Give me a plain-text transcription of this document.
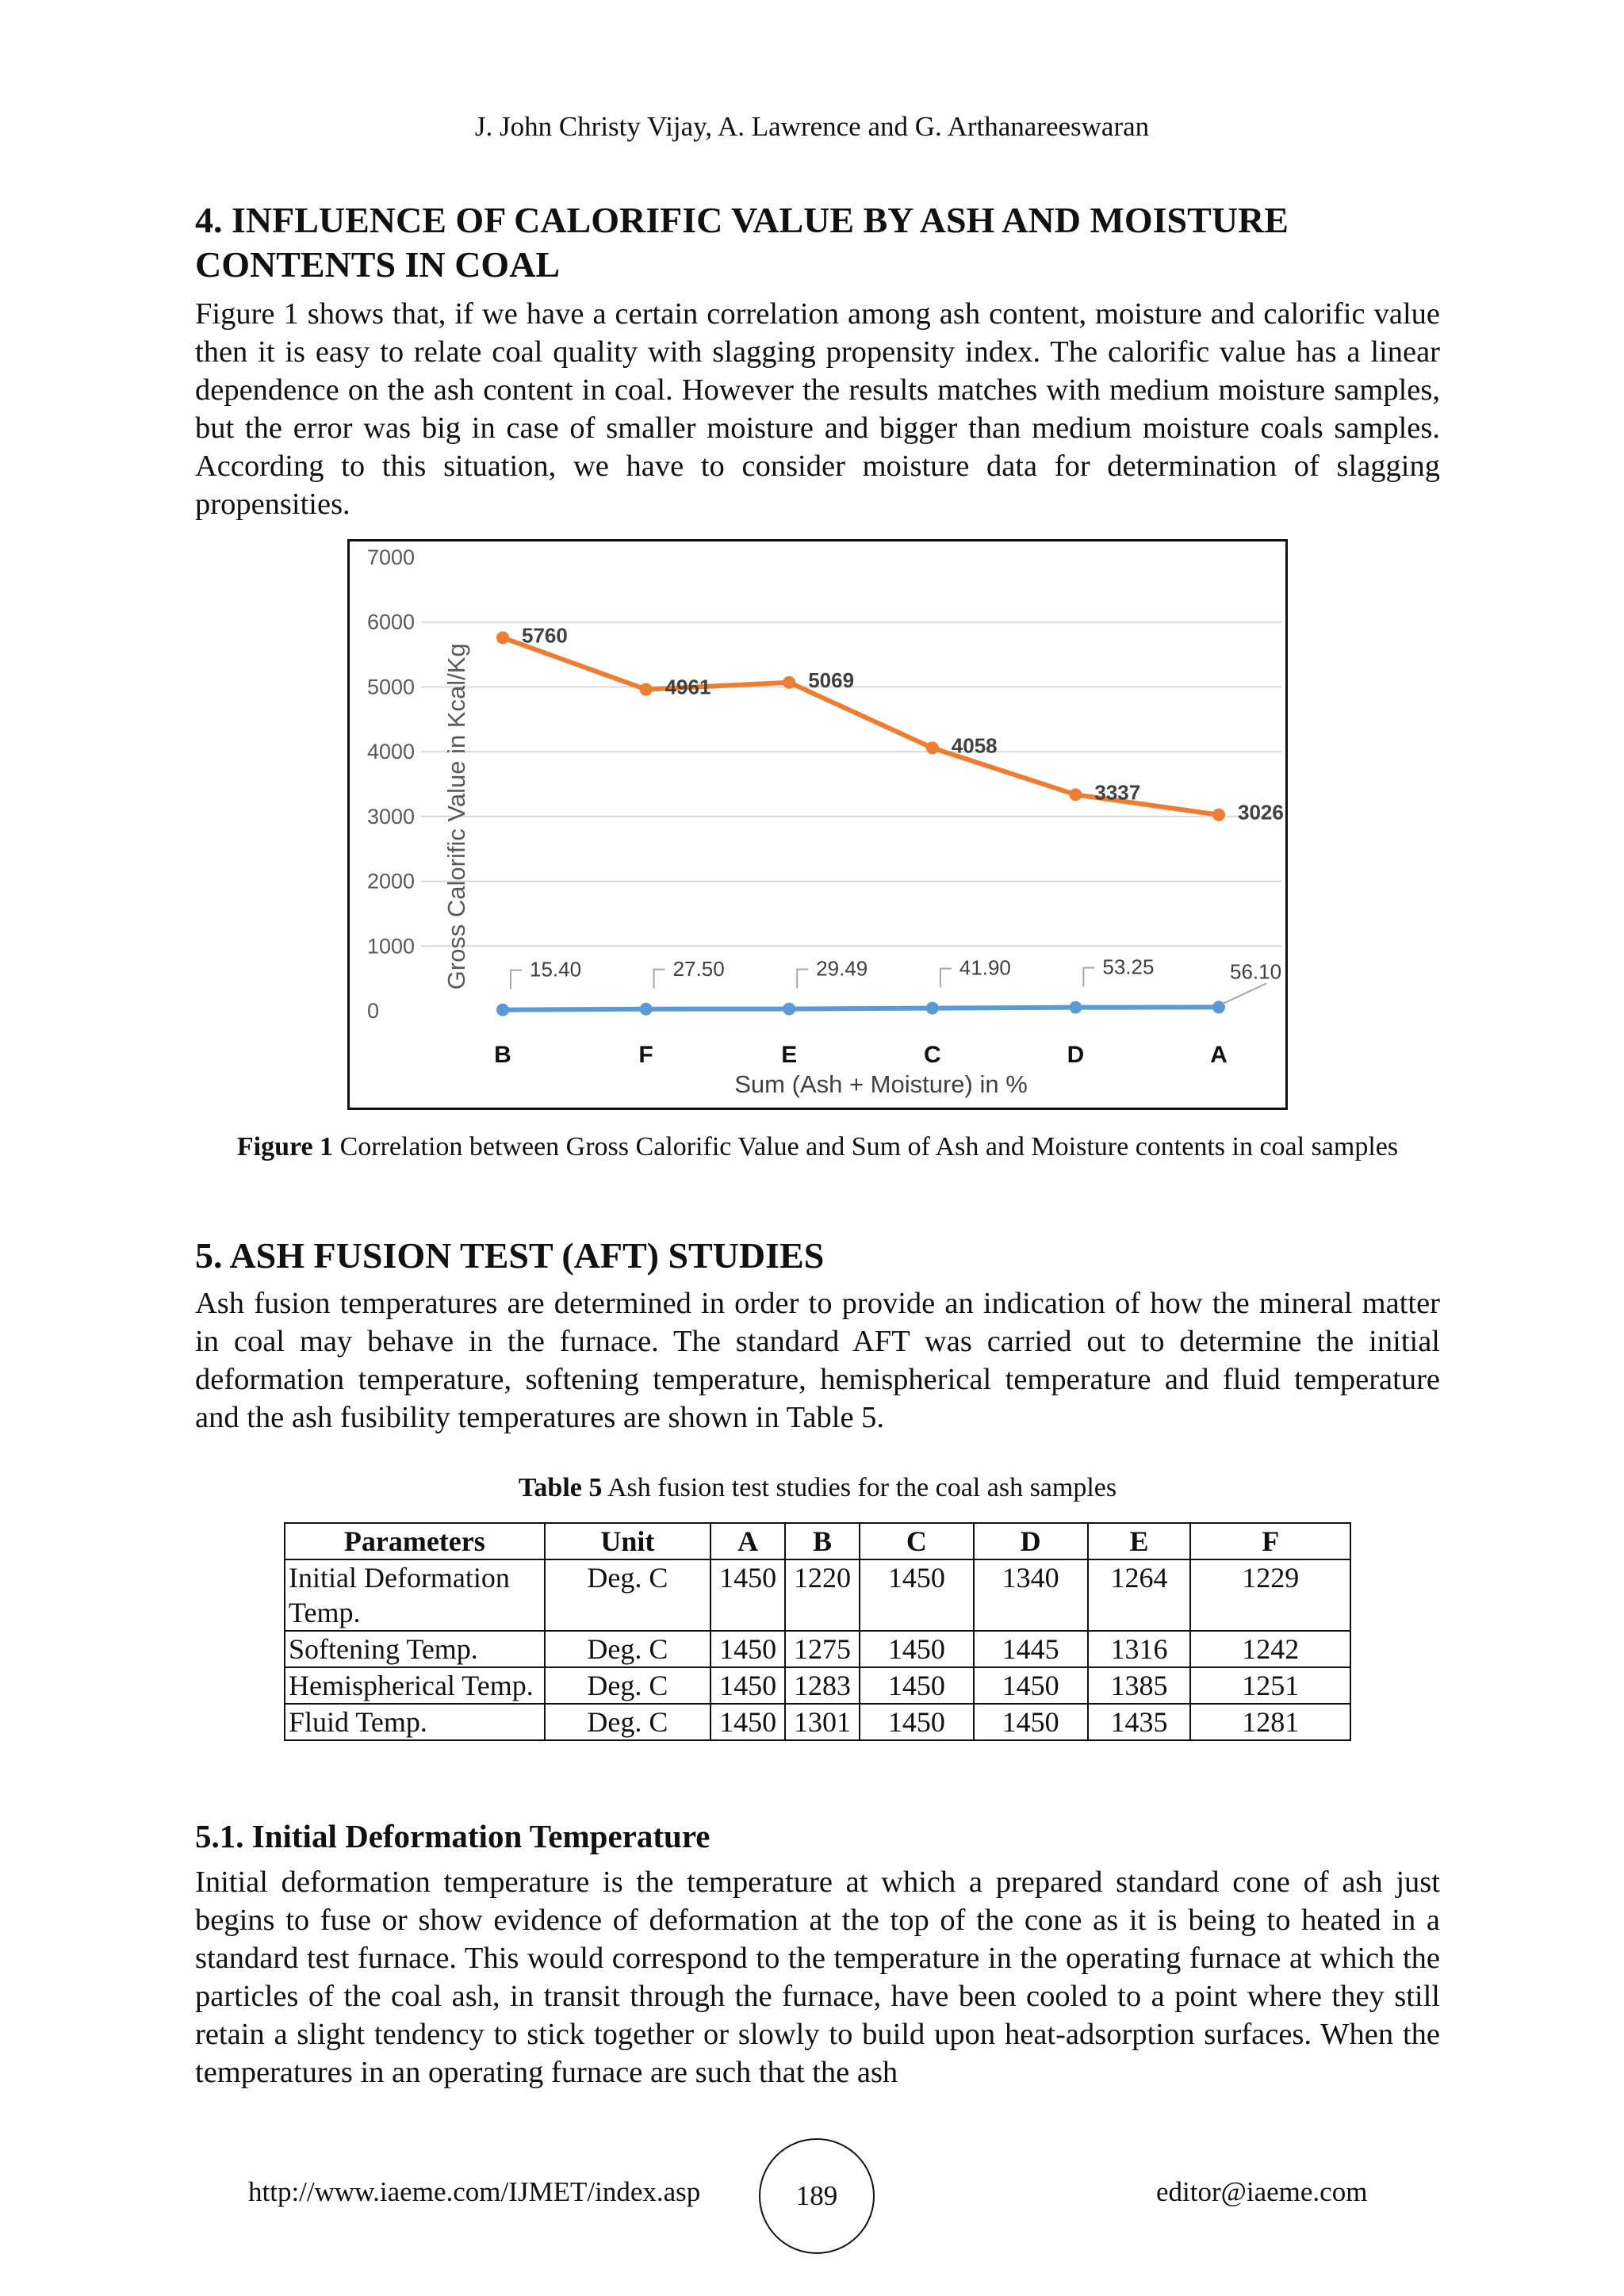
J. John Christy Vijay, A. Lawrence and G. Arthanareeswaran
4. INFLUENCE OF CALORIFIC VALUE BY ASH AND MOISTURE
CONTENTS IN COAL

Figure 1 shows that, if we have a certain correlation among ash content, moisture and calorific value then it is easy to relate coal quality with slagging propensity index. The calorific value has a linear dependence on the ash content in coal. However the results matches with medium moisture samples, but the error was big in case of smaller moisture and bigger than medium moisture coals samples. According to this situation, we have to consider moisture data for determination of slagging propensities.

0
1000
2000
3000
4000
5000
6000
7000
Gross Calorific Value in Kcal/Kg
B	F	E	C	D	A
Sum (Ash + Moisture) in %
5760
4961	5069
4058
3337
3026
15.40	27.50	29.49	41.90	53.25	56.10

Figure 1 Correlation between Gross Calorific Value and Sum of Ash and Moisture contents in coal samples

5. ASH FUSION TEST (AFT) STUDIES

Ash fusion temperatures are determined in order to provide an indication of how the mineral matter in coal may behave in the furnace. The standard AFT was carried out to determine the initial deformation temperature, softening temperature, hemispherical temperature and fluid temperature and the ash fusibility temperatures are shown in Table 5.

Table 5 Ash fusion test studies for the coal ash samples

Parameters	Unit	A	B	C	D	E	F
Initial Deformation Temp.	Deg. C	1450	1220	1450	1340	1264	1229
Softening Temp.	Deg. C	1450	1275	1450	1445	1316	1242
Hemispherical Temp.	Deg. C	1450	1283	1450	1450	1385	1251
Fluid Temp.	Deg. C	1450	1301	1450	1450	1435	1281
5.1. Initial Deformation Temperature

Initial deformation temperature is the temperature at which a prepared standard cone of ash just begins to fuse or show evidence of deformation at the top of the cone as it is being to heated in a standard test furnace. This would correspond to the temperature in the operating furnace at which the particles of the coal ash, in transit through the furnace, have been cooled to a point where they still retain a slight tendency to stick together or slowly to build upon heat-adsorption surfaces. When the temperatures in an operating furnace are such that the ash

http://www.iaeme.com/IJMET/index.asp	189	editor@iaeme.com
